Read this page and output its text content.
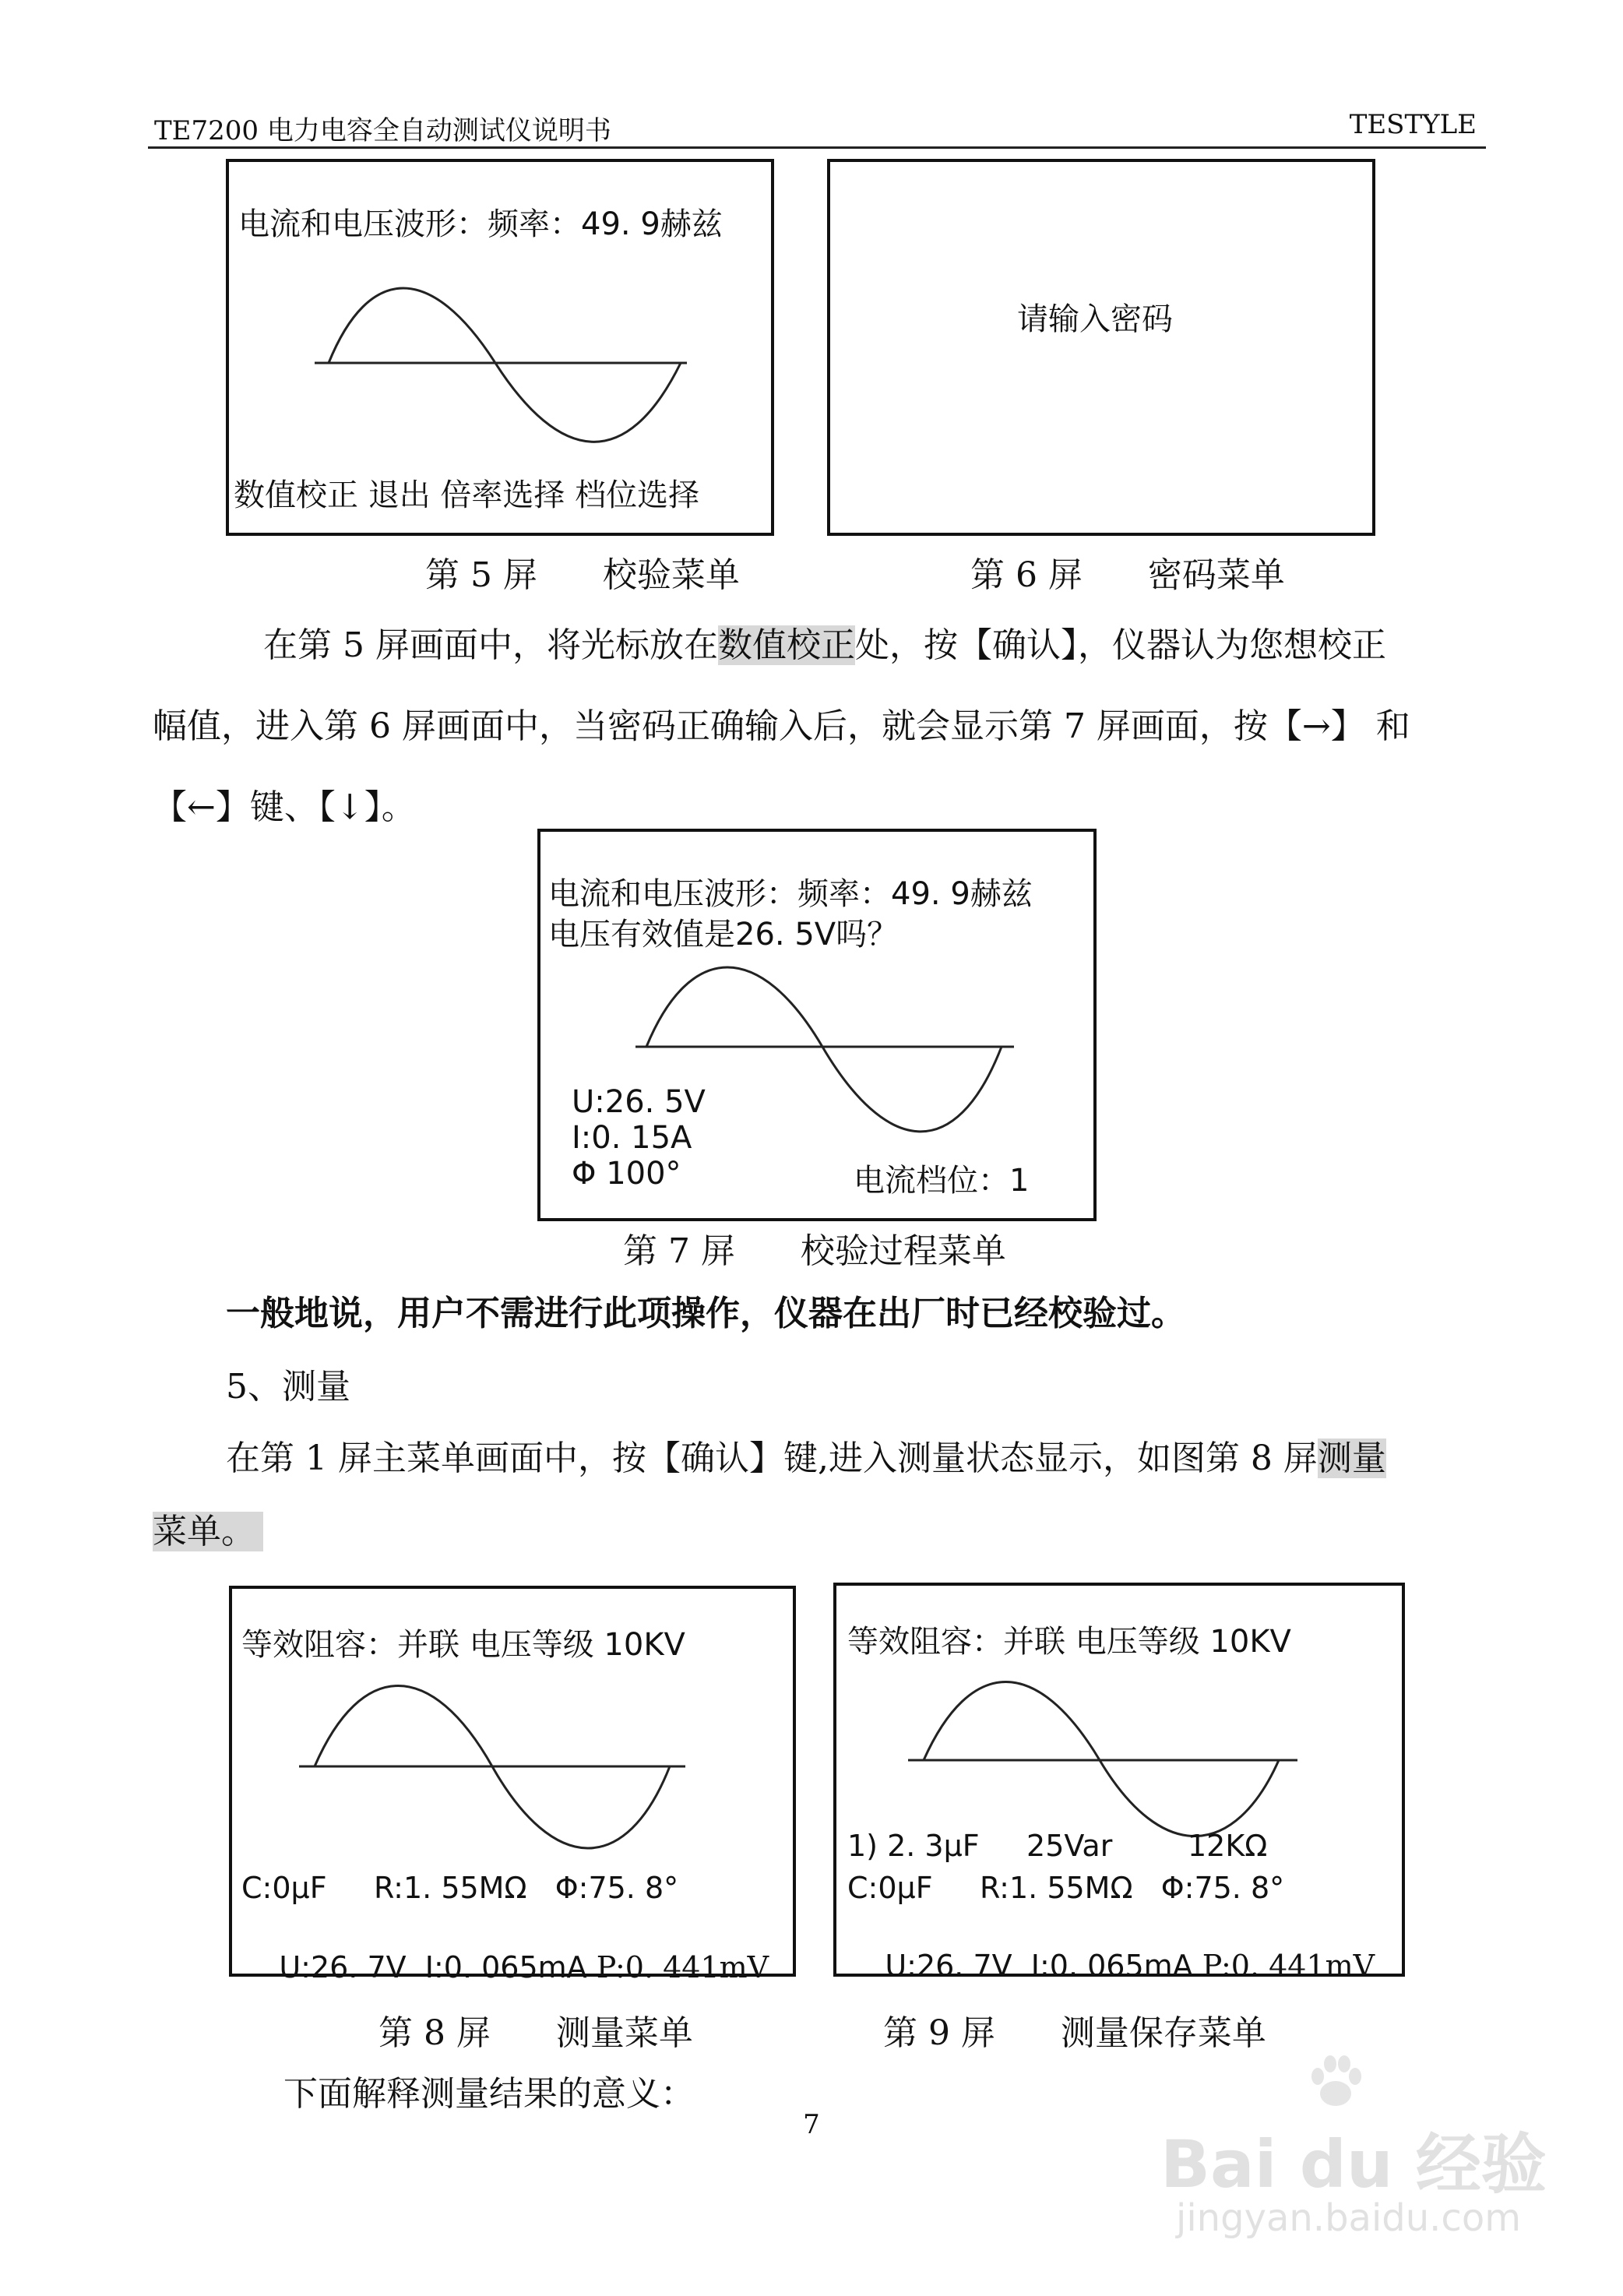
TE7200 电力电容全自动测试仪说明书	TESTYLE
电流和电压波形：频率：49. 9赫兹
数值校正 退出 倍率选择 档位选择
第 5 屏      校验菜单
请输入密码
第 6 屏      密码菜单
在第 5 屏画面中，将光标放在数值校正处，按【确认】，仪器认为您想校正
幅值，进入第 6 屏画面中，当密码正确输入后，就会显示第 7 屏画面，按【→】 和
【←】键、【↓】。
电流和电压波形：频率：49. 9赫兹
电压有效值是26. 5V吗？
U:26. 5V
I:0. 15A
Φ 100°	电流档位：1
第 7 屏      校验过程菜单
一般地说，用户不需进行此项操作，仪器在出厂时已经校验过。
5、测量
在第 1 屏主菜单画面中，按【确认】键,进入测量状态显示，如图第 8 屏测量
菜单。
等效阻容：并联 电压等级 10KV
C:0μF     R:1. 55MΩ   Φ:75. 8°

U:26. 7V  I:0. 065mA P:0. 441mV

第 8 屏      测量菜单
等效阻容：并联 电压等级 10KV
1) 2. 3μF     25Var        12KΩ
C:0μF     R:1. 55MΩ   Φ:75. 8°

U:26. 7V  I:0. 065mA P:0. 441mV

第 9 屏      测量保存菜单
下面解释测量结果的意义：
7
Bai du 经验
jingyan.baidu.com
